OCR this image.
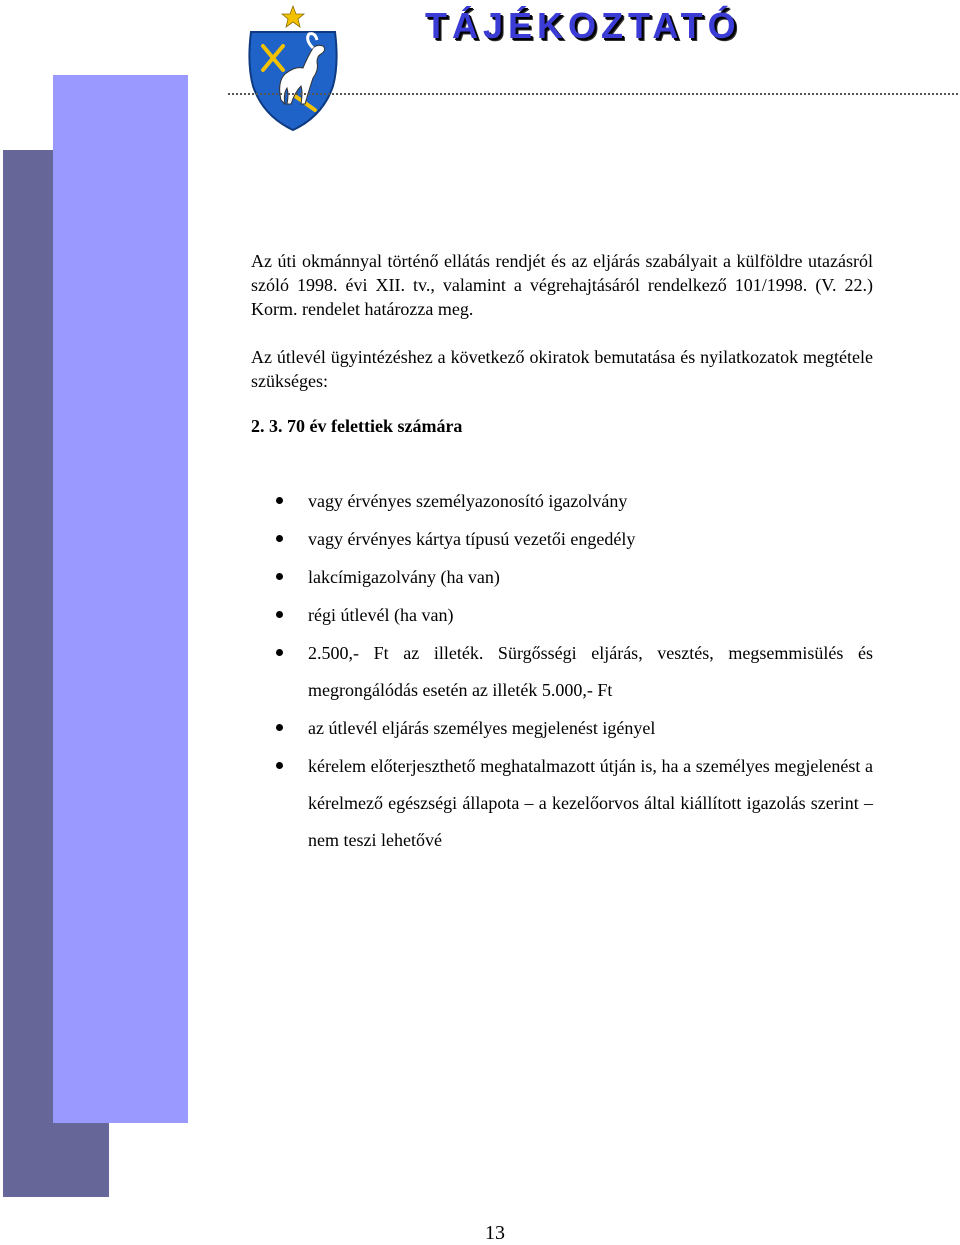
TÁJÉKOZTATÓ

Az úti okmánnyal történő ellátás rendjét és az eljárás szabályait a külföldre utazásról szóló 1998. évi XII. tv., valamint a végrehajtásáról rendelkező 101/1998. (V. 22.) Korm. rendelet határozza meg.

Az útlevél ügyintézéshez a következő okiratok bemutatása és nyilatkozatok megtétele szükséges:

2. 3. 70 év felettiek számára
vagy érvényes személyazonosító igazolvány
vagy érvényes kártya típusú vezetői engedély
lakcímigazolvány (ha van)
régi útlevél (ha van)
2.500,- Ft az illeték. Sürgősségi eljárás, vesztés, megsemmisülés és megrongálódás esetén az illeték 5.000,- Ft
az útlevél eljárás személyes megjelenést igényel
kérelem előterjeszthető meghatalmazott útján is, ha a személyes megjelenést a kérelmező egészségi állapota – a kezelőorvos által kiállított igazolás szerint – nem teszi lehetővé
13
